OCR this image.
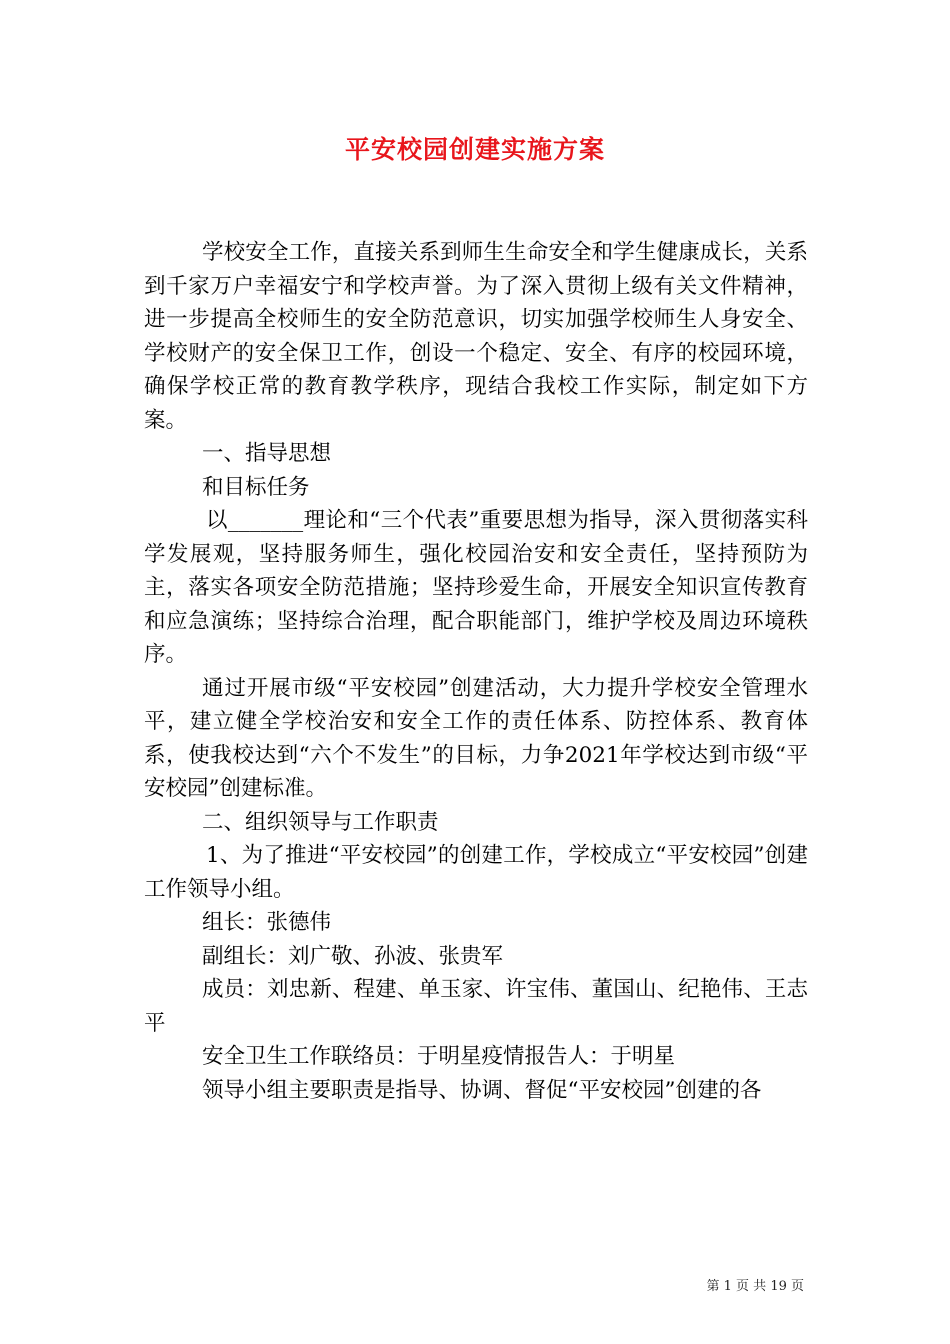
平安校园创建实施方案

学校安全工作，直接关系到师生生命安全和学生健康成长，关系到千家万户幸福安宁和学校声誉。为了深入贯彻上级有关文件精神，进一步提高全校师生的安全防范意识，切实加强学校师生人身安全、学校财产的安全保卫工作，创设一个稳定、安全、有序的校园环境，确保学校正常的教育教学秩序，现结合我校工作实际，制定如下方案。

一、指导思想

和目标任务

以_______理论和“三个代表”重要思想为指导，深入贯彻落实科学发展观，坚持服务师生，强化校园治安和安全责任，坚持预防为主，落实各项安全防范措施；坚持珍爱生命，开展安全知识宣传教育和应急演练；坚持综合治理，配合职能部门，维护学校及周边环境秩序。

通过开展市级“平安校园”创建活动，大力提升学校安全管理水平，建立健全学校治安和安全工作的责任体系、防控体系、教育体系，使我校达到“六个不发生”的目标，力争2021年学校达到市级“平安校园”创建标准。

二、组织领导与工作职责

1、为了推进“平安校园”的创建工作，学校成立“平安校园”创建工作领导小组。

组长：张德伟

副组长：刘广敬、孙波、张贵军

成员：刘忠新、程建、单玉家、许宝伟、董国山、纪艳伟、王志平

安全卫生工作联络员：于明星疫情报告人：于明星

领导小组主要职责是指导、协调、督促“平安校园”创建的各

第 1 页 共 19 页
